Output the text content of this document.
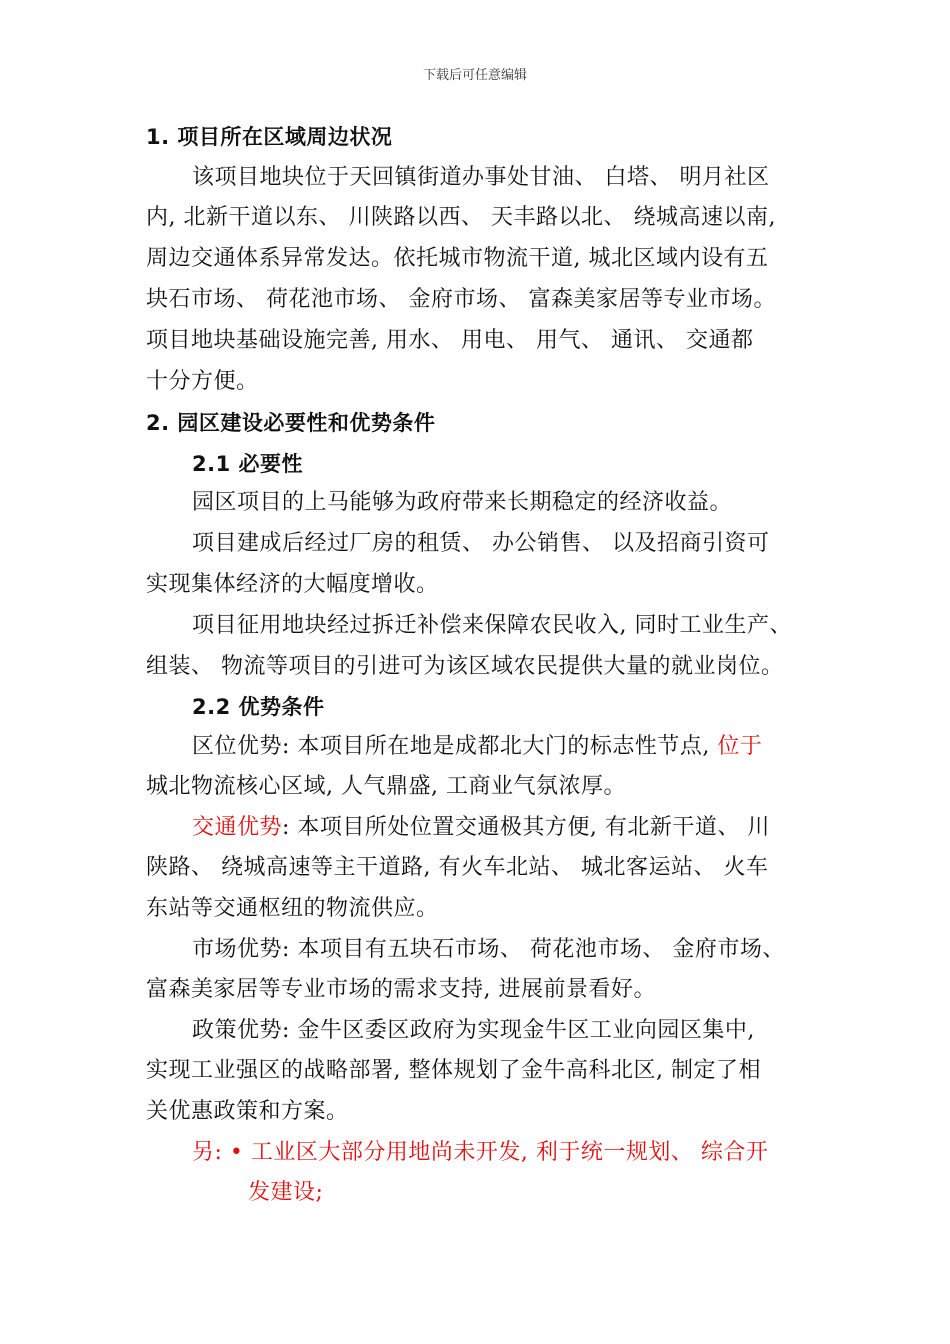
下载后可任意编辑
1. 项目所在区域周边状况
该项目地块位于天回镇街道办事处甘油、 白塔、 明月社区
内, 北新干道以东、 川陕路以西、 天丰路以北、 绕城高速以南,
周边交通体系异常发达。依托城市物流干道, 城北区域内设有五
块石市场、 荷花池市场、 金府市场、 富森美家居等专业市场。
项目地块基础设施完善, 用水、 用电、 用气、 通讯、 交通都
十分方便。
2. 园区建设必要性和优势条件
2.1 必要性
园区项目的上马能够为政府带来长期稳定的经济收益。
项目建成后经过厂房的租赁、 办公销售、 以及招商引资可
实现集体经济的大幅度增收。
项目征用地块经过拆迁补偿来保障农民收入, 同时工业生产、
组装、 物流等项目的引进可为该区域农民提供大量的就业岗位。
2.2 优势条件
区位优势: 本项目所在地是成都北大门的标志性节点, 位于
城北物流核心区域, 人气鼎盛, 工商业气氛浓厚。
交通优势: 本项目所处位置交通极其方便, 有北新干道、 川
陕路、 绕城高速等主干道路, 有火车北站、 城北客运站、 火车
东站等交通枢纽的物流供应。
市场优势: 本项目有五块石市场、 荷花池市场、 金府市场、
富森美家居等专业市场的需求支持, 进展前景看好。
政策优势: 金牛区委区政府为实现金牛区工业向园区集中,
实现工业强区的战略部署, 整体规划了金牛高科北区, 制定了相
关优惠政策和方案。
另: • 工业区大部分用地尚未开发, 利于统一规划、 综合开
发建设;
